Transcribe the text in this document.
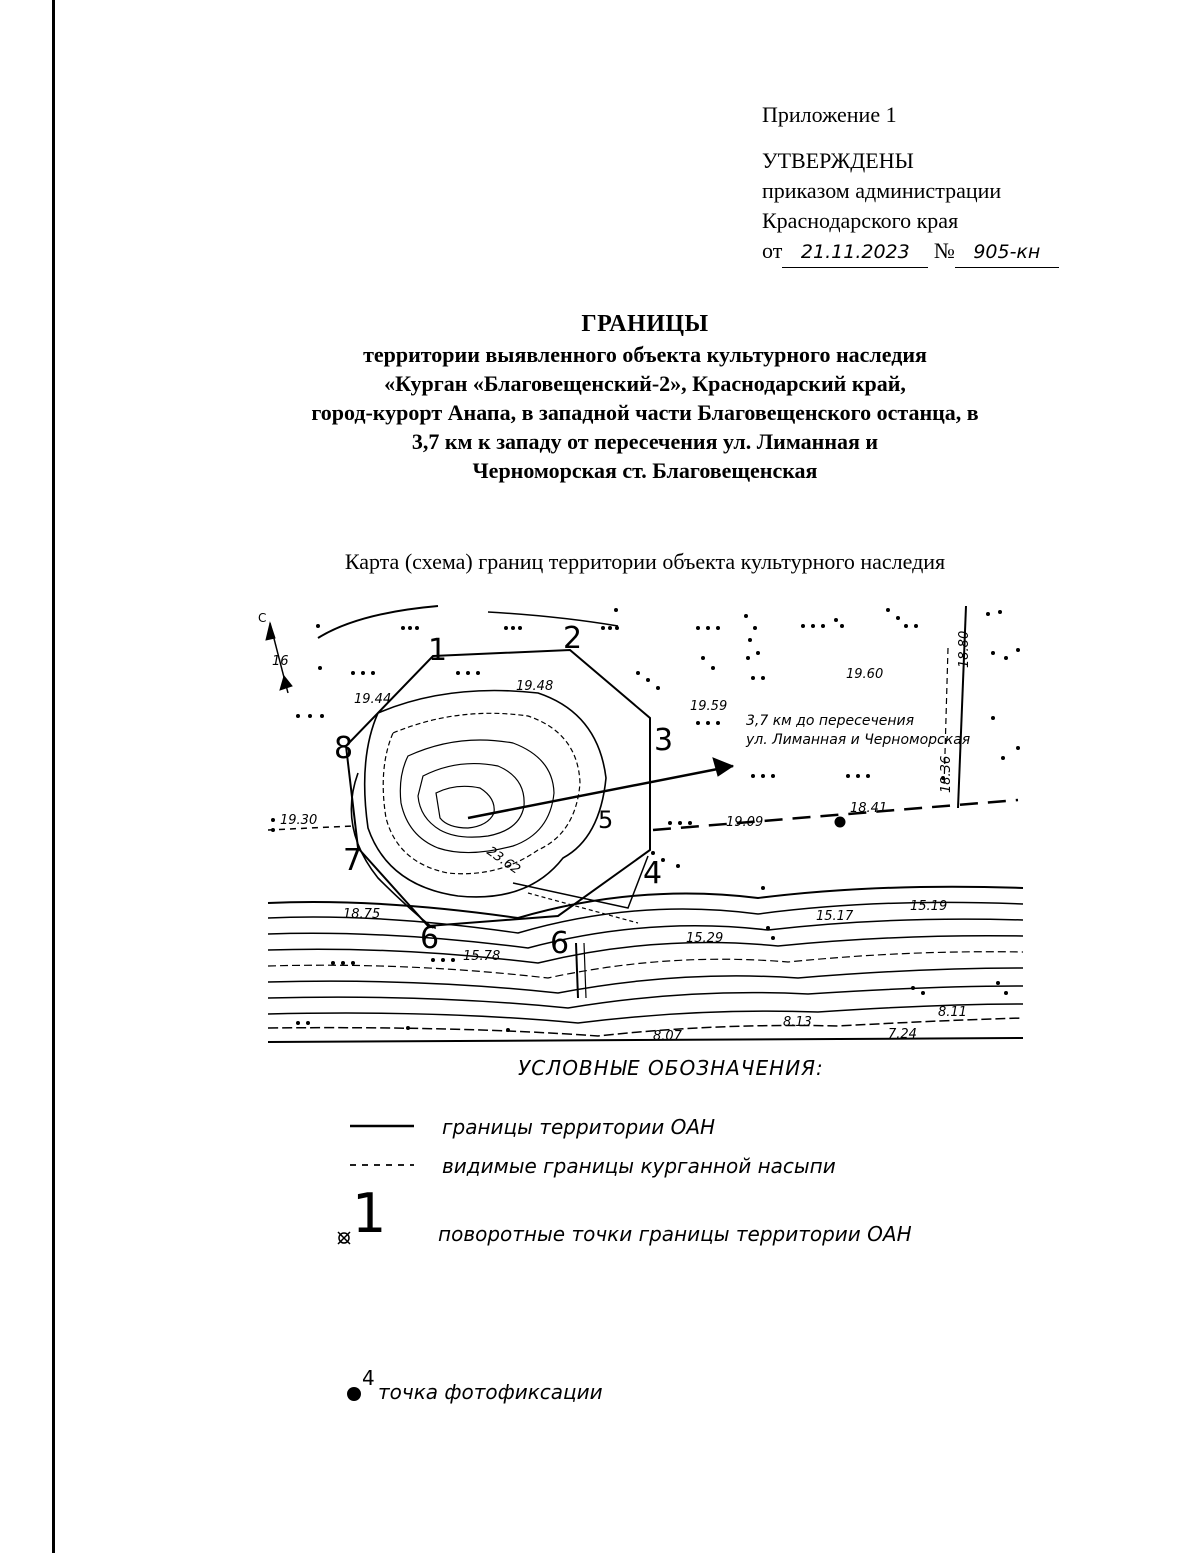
Приложение 1
УТВЕРЖДЕНЫ
приказом администрации
Краснодарского края
от 21.11.2023 № 905-кн
ГРАНИЦЫ
территории выявленного объекта культурного наследия
«Курган «Благовещенский-2», Краснодарский край,
город-курорт Анапа, в западной части Благовещенского останца, в
3,7 км к западу от пересечения ул. Лиманная и
Черноморская ст. Благовещенская
Карта (схема) границ территории объекта культурного наследия
1	2
3
4
5
6
7
8
6
16
19.44
19.48
19.59
19.60
19.30	19.09
18.41
18.75
15.78
15.29
15.17
15.19
8.11
8.13
8.07	7.24
18.36
18.80
23.62
3,7 км до пересечения
ул. Лиманная и Черноморская
С
УСЛОВНЫЕ ОБОЗНАЧЕНИЯ:
границы территории ОАН
видимые границы курганной насыпи
1	поворотные точки границы территории ОАН
4
точка фотофиксации
